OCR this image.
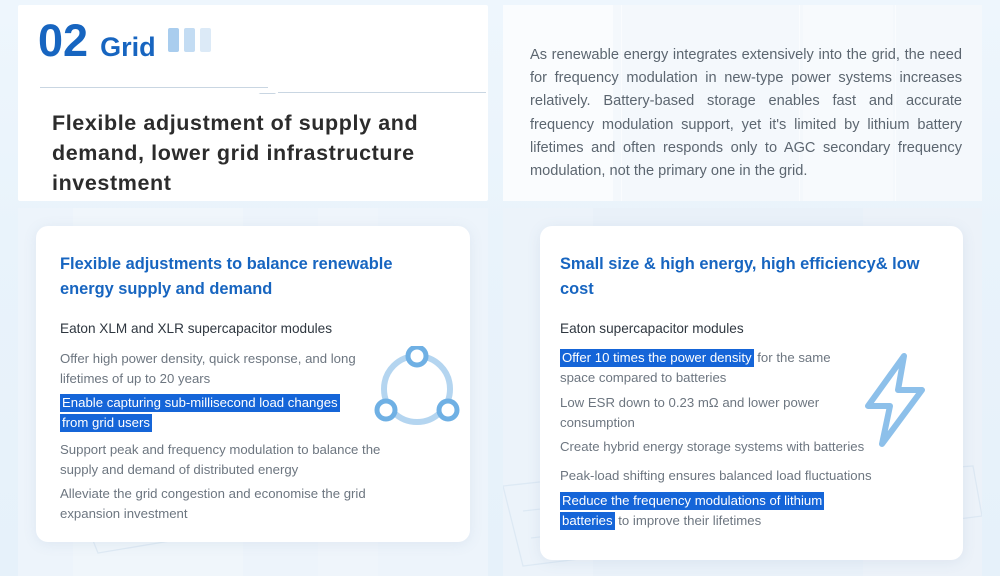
02 Grid
Flexible adjustment of supply and demand, lower grid infrastructure investment
As renewable energy integrates extensively into the grid, the need for frequency modulation in new-type power systems increases relatively. Battery-based storage enables fast and accurate frequency modulation support, yet it's limited by lithium battery lifetimes and often responds only to AGC secondary frequency modulation, not the primary one in the grid.
Flexible adjustments to balance renewable energy supply and demand
Eaton XLM and XLR supercapacitor modules
Offer high power density, quick response, and long lifetimes of up to 20 years
Enable capturing sub-millisecond load changes from grid users
Support peak and frequency modulation to balance the supply and demand of distributed energy
Alleviate the grid congestion and economise the grid expansion investment
Small size & high energy, high efficiency& low cost
Eaton supercapacitor modules
Offer 10 times the power density for the same space compared to batteries
Low ESR down to 0.23 mΩ and lower power consumption
Create hybrid energy storage systems with batteries
Peak-load shifting ensures balanced load fluctuations
Reduce the frequency modulations of lithium batteries to improve their lifetimes
